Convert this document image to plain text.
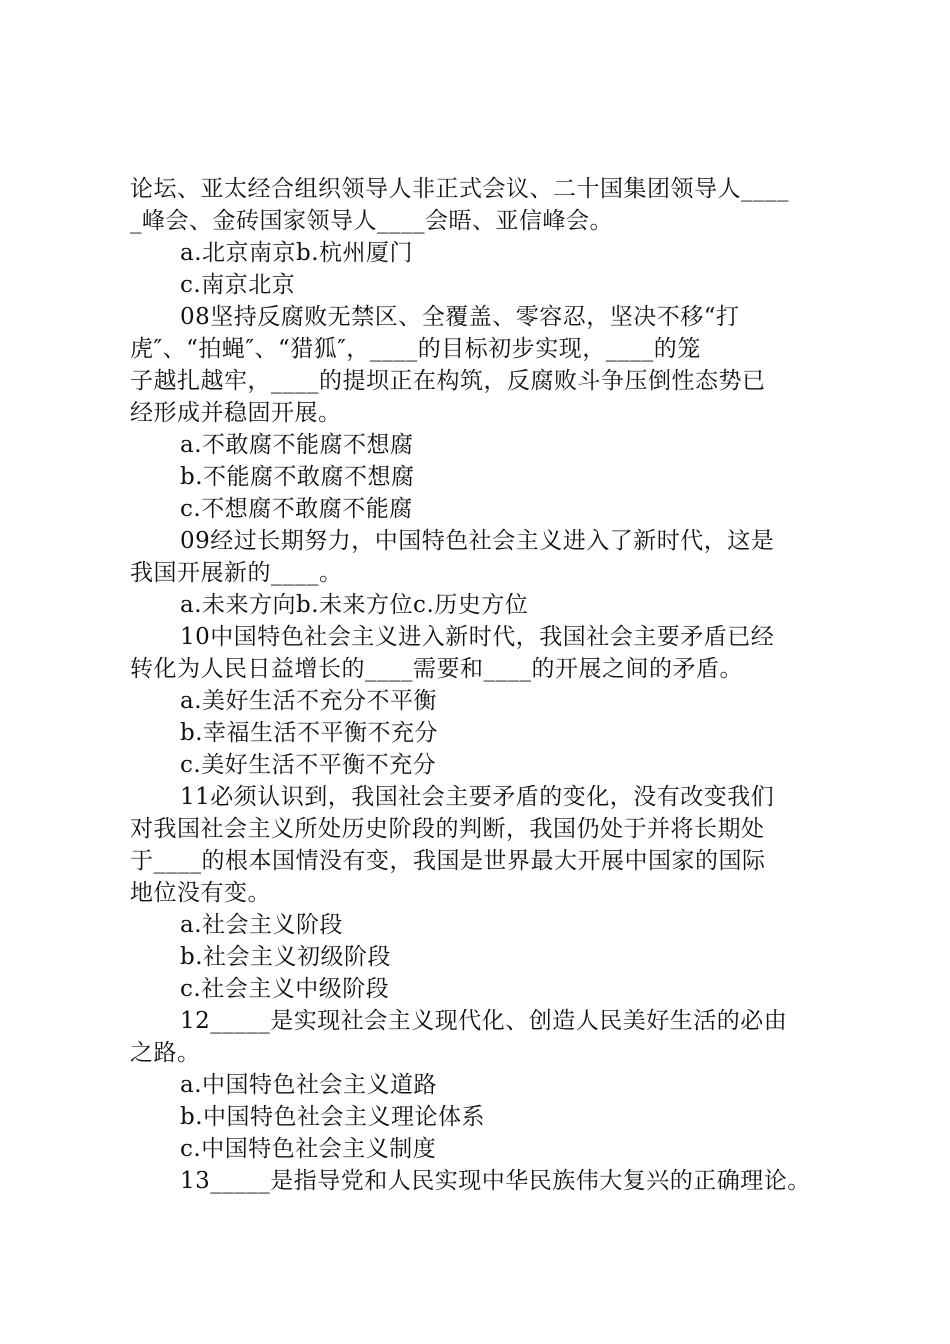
论坛、亚太经合组织领导人非正式会议、二十国集团领导人____
_峰会、金砖国家领导人____会晤、亚信峰会。
a.北京南京b.杭州厦门
c.南京北京
08坚持反腐败无禁区、全覆盖、零容忍，坚决不移“打
虎″、“拍蝇″、“猎狐″，____的目标初步实现，____的笼
子越扎越牢，____的提坝正在构筑，反腐败斗争压倒性态势已
经形成并稳固开展。
a.不敢腐不能腐不想腐
b.不能腐不敢腐不想腐
c.不想腐不敢腐不能腐
09经过长期努力，中国特色社会主义进入了新时代，这是
我国开展新的____。
a.未来方向b.未来方位c.历史方位
10中国特色社会主义进入新时代，我国社会主要矛盾已经
转化为人民日益增长的____需要和____的开展之间的矛盾。
a.美好生活不充分不平衡
b.幸福生活不平衡不充分
c.美好生活不平衡不充分
11必须认识到，我国社会主要矛盾的变化，没有改变我们
对我国社会主义所处历史阶段的判断，我国仍处于并将长期处
于____的根本国情没有变，我国是世界最大开展中国家的国际
地位没有变。
a.社会主义阶段
b.社会主义初级阶段
c.社会主义中级阶段
12_____是实现社会主义现代化、创造人民美好生活的必由
之路。
a.中国特色社会主义道路
b.中国特色社会主义理论体系
c.中国特色社会主义制度
13_____是指导党和人民实现中华民族伟大复兴的正确理论。
